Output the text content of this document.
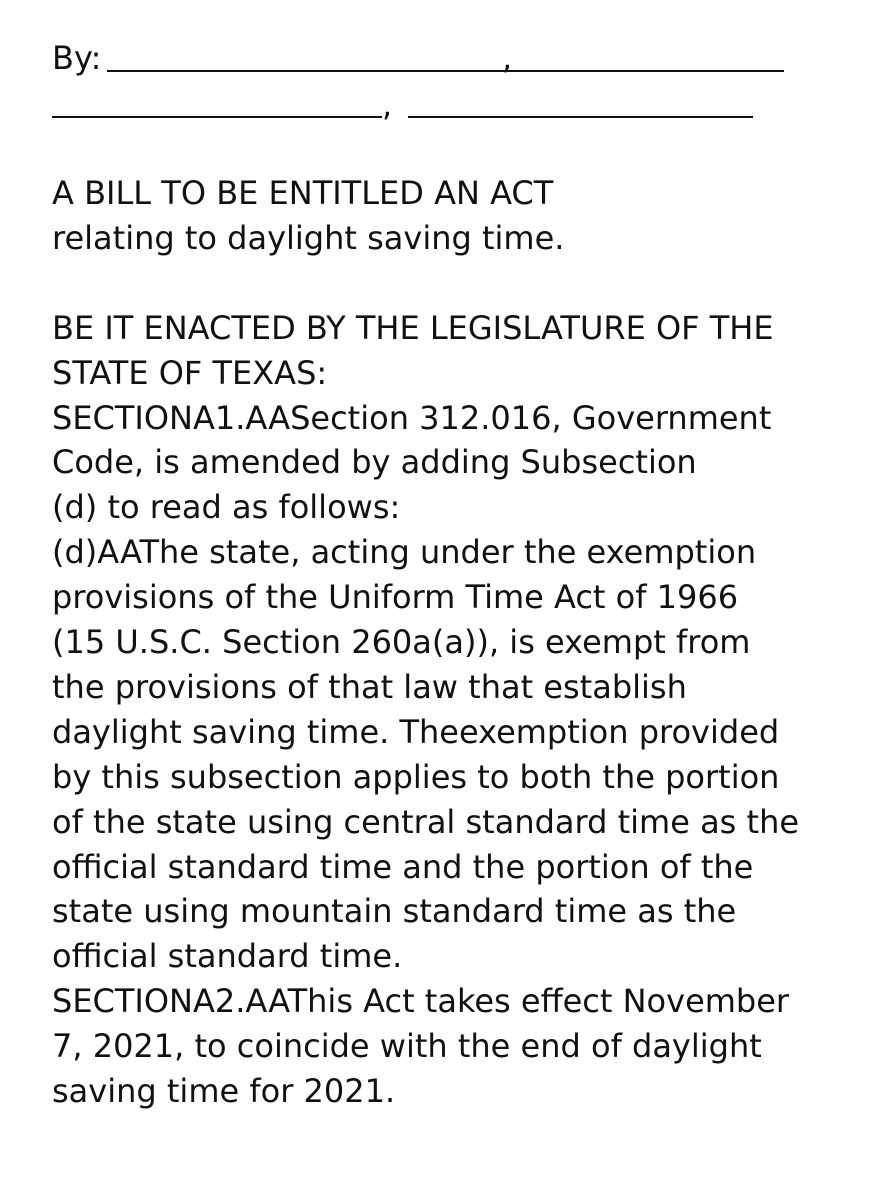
By:	,
,

A BILL TO BE ENTITLED AN ACT

relating to daylight saving time.

BE IT ENACTED BY THE LEGISLATURE OF THE

STATE OF TEXAS:

SECTIONA1.AASection 312.016, Government

Code, is amended by adding Subsection

(d) to read as follows:

(d)AAThe state, acting under the exemption

provisions of the Uniform Time Act of 1966

(15 U.S.C. Section 260a(a)), is exempt from

the provisions of that law that establish

daylight saving time. Theexemption provided

by this subsection applies to both the portion

of the state using central standard time as the

official standard time and the portion of the

state using mountain standard time as the

official standard time.

SECTIONA2.AAThis Act takes effect November

7, 2021, to coincide with the end of daylight

saving time for 2021.
